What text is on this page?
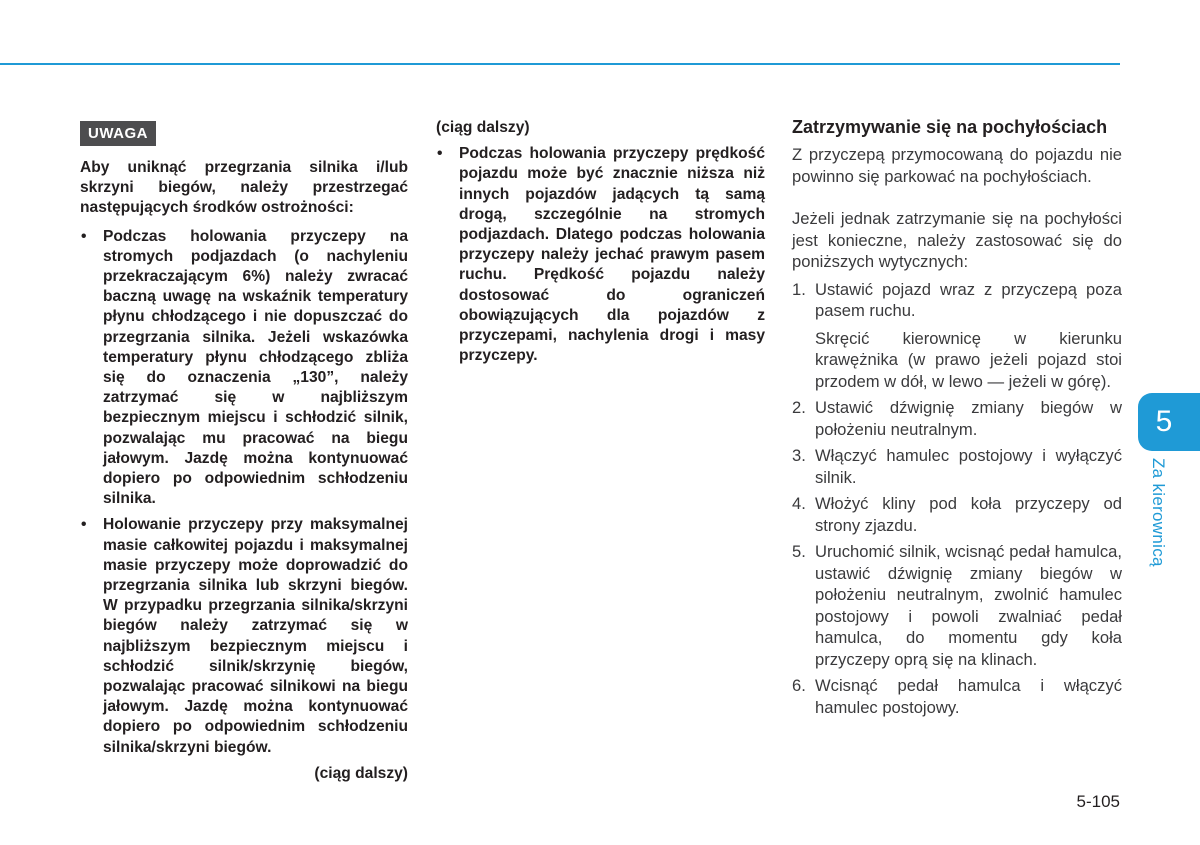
UWAGA

Aby uniknąć przegrzania silnika i/lub skrzyni biegów, należy przestrzegać następujących środków ostrożności:

• Podczas holowania przyczepy na stromych podjazdach (o nachyleniu przekraczającym 6%) należy zwracać baczną uwagę na wskaźnik temperatury płynu chłodzącego i nie dopuszczać do przegrzania silnika. Jeżeli wskazówka temperatury płynu chłodzącego zbliża się do oznaczenia „130”, należy zatrzymać się w najbliższym bezpiecznym miejscu i schłodzić silnik, pozwalając mu pracować na biegu jałowym. Jazdę można kontynuować dopiero po odpowiednim schłodzeniu silnika.
• Holowanie przyczepy przy maksymalnej masie całkowitej pojazdu i maksymalnej masie przyczepy może doprowadzić do przegrzania silnika lub skrzyni biegów. W przypadku przegrzania silnika/skrzyni biegów należy zatrzymać się w najbliższym bezpiecznym miejscu i schłodzić silnik/skrzynię biegów, pozwalając pracować silnikowi na biegu jałowym. Jazdę można kontynuować dopiero po odpowiednim schłodzeniu silnika/skrzyni biegów.
(ciąg dalszy)
(ciąg dalszy)
• Podczas holowania przyczepy prędkość pojazdu może być znacznie niższa niż innych pojazdów jadących tą samą drogą, szczególnie na stromych podjazdach. Dlatego podczas holowania przyczepy należy jechać prawym pasem ruchu. Prędkość pojazdu należy dostosować do ograniczeń obowiązujących dla pojazdów z przyczepami, nachylenia drogi i masy przyczepy.
Zatrzymywanie się na pochyłościach

Z przyczepą przymocowaną do pojazdu nie powinno się parkować na pochyłościach.

Jeżeli jednak zatrzymanie się na pochyłości jest konieczne, należy zastosować się do poniższych wytycznych:

1. Ustawić pojazd wraz z przyczepą poza pasem ruchu.
Skręcić kierownicę w kierunku krawężnika (w prawo jeżeli pojazd stoi przodem w dół, w lewo — jeżeli w górę).
2. Ustawić dźwignię zmiany biegów w położeniu neutralnym.
3. Włączyć hamulec postojowy i wyłączyć silnik.
4. Włożyć kliny pod koła przyczepy od strony zjazdu.
5. Uruchomić silnik, wcisnąć pedał hamulca, ustawić dźwignię zmiany biegów w położeniu neutralnym, zwolnić hamulec postojowy i powoli zwalniać pedał hamulca, do momentu gdy koła przyczepy oprą się na klinach.
6. Wcisnąć pedał hamulca i włączyć hamulec postojowy.
5
Za kierownicą
5-105
